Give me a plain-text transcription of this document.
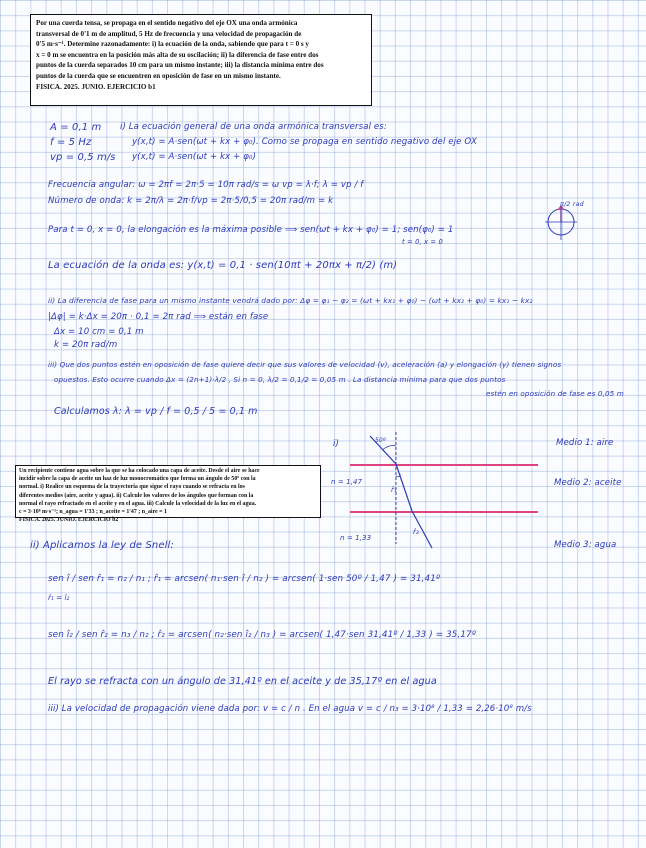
Por una cuerda tensa, se propaga en el sentido negativo del eje OX una onda armónica

transversal de 0'1 m de amplitud, 5 Hz de frecuencia y una velocidad de propagación de

0'5 m·s⁻¹. Determine razonadamente: i) la ecuación de la onda, sabiendo que para t = 0 s y

x = 0 m se encuentra en la posición más alta de su oscilación; ii) la diferencia de fase entre dos

puntos de la cuerda separados 10 cm para un mismo instante; iii) la distancia mínima entre dos

puntos de la cuerda que se encuentren en oposición de fase en un mismo instante.

FISICA. 2025. JUNIO. EJERCICIO b1

A = 0,1 m
f = 5 Hz
vp = 0,5 m/s
i) La ecuación general de una onda armónica transversal es:
y(x,t) = A·sen(ωt + kx + φ₀). Como se propaga en sentido negativo del eje OX
y(x,t) = A·sen(ωt + kx + φ₀)
Frecuencia angular: ω = 2πf = 2π·5 = 10π rad/s = ω vp = λ·f; λ = vp / f
Número de onda: k = 2π/λ = 2π·f/vp = 2π·5/0,5 = 20π rad/m = k	π/2 rad
Para t = 0, x = 0, la elongación es la máxima posible ⟹ sen(ωt + kx + φ₀) = 1; sen(φ₀) = 1
t = 0, x = 0
La ecuación de la onda es: y(x,t) = 0,1 · sen(10πt + 20πx + π/2) (m)
ii) La diferencia de fase para un mismo instante vendrá dado por: Δφ = φ₁ − φ₂ = (ωt + kx₁ + φ₀) − (ωt + kx₂ + φ₀) = kx₁ − kx₂
|Δφ| = k·Δx = 20π · 0,1 = 2π rad ⟹ están en fase
Δx = 10 cm = 0,1 m
k = 20π rad/m
iii) Que dos puntos estén en oposición de fase quiere decir que sus valores de velocidad (v), aceleración (a) y elongación (y) tienen signos
opuestos. Esto ocurre cuando Δx = (2n+1)·λ/2 , Si n = 0, λ/2 = 0,1/2 = 0,05 m . La distancia mínima para que dos puntos
estén en oposición de fase es 0,05 m
Calculamos λ: λ = vp / f = 0,5 / 5 = 0,1 m

Un recipiente contiene agua sobre la que se ha colocado una capa de aceite. Desde el aire se hace

incidir sobre la capa de aceite un haz de luz monocromático que forma un ángulo de 50º con la

normal. i) Realice un esquema de la trayectoria que sigue el rayo cuando se refracta en los

diferentes medios (aire, aceite y agua). ii) Calcule los valores de los ángulos que forman con la

normal el rayo refractado en el aceite y en el agua. iii) Calcule la velocidad de la luz en el agua.

c = 3·10⁸ m·s⁻¹; n_agua = 1'33 ; n_aceite = 1'47 ; n_aire = 1

FISICA. 2025. JUNIO. EJERCICIO b2

i)	50º
n = 1,47
n = 1,33
r̂₁
r̂₂
Medio 1: aire
Medio 2: aceite
Medio 3: agua
ii) Aplicamos la ley de Snell:
sen î / sen r̂₁ = n₂ / n₁ ; r̂₁ = arcsen( n₁·sen î / n₂ ) = arcsen( 1·sen 50º / 1,47 ) = 31,41º
r̂₁ = î₂
sen î₂ / sen r̂₂ = n₃ / n₂ ; r̂₂ = arcsen( n₂·sen î₂ / n₃ ) = arcsen( 1,47·sen 31,41º / 1,33 ) = 35,17º
El rayo se refracta con un ángulo de 31,41º en el aceite y de 35,17º en el agua
iii) La velocidad de propagación viene dada por: v = c / n . En el agua v = c / n₃ = 3·10⁸ / 1,33 = 2,26·10⁸ m/s
